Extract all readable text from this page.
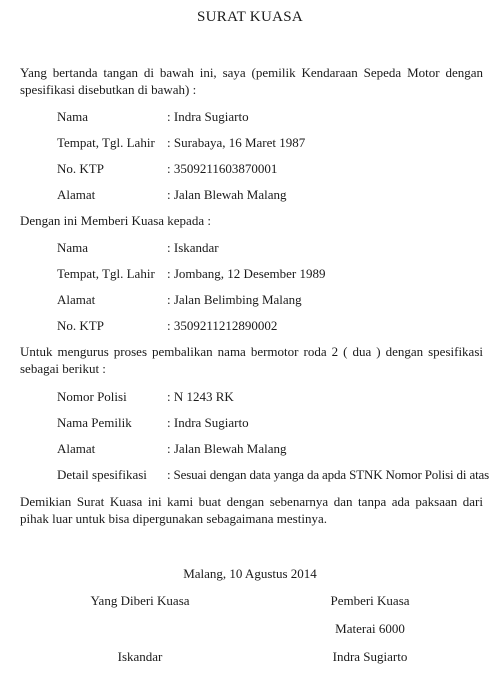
SURAT KUASA
Yang bertanda tangan di bawah ini, saya (pemilik Kendaraan Sepeda Motor dengan spesifikasi disebutkan di bawah) :
Nama	: Indra Sugiarto
Tempat, Tgl. Lahir : Surabaya, 16 Maret 1987
No. KTP	: 3509211603870001
Alamat	: Jalan Blewah Malang
Dengan ini Memberi Kuasa kepada :
Nama	: Iskandar
Tempat, Tgl. Lahir : Jombang, 12 Desember 1989
Alamat	: Jalan Belimbing Malang
No. KTP	: 3509211212890002
Untuk mengurus proses pembalikan nama bermotor roda 2 ( dua ) dengan spesifikasi sebagai berikut :
Nomor Polisi	: N 1243 RK
Nama Pemilik	: Indra Sugiarto
Alamat	: Jalan Blewah Malang
Detail spesifikasi : Sesuai dengan data yanga da apda STNK Nomor Polisi di atas
Demikian Surat Kuasa ini kami buat dengan sebenarnya dan tanpa ada paksaan dari pihak luar untuk bisa dipergunakan sebagaimana mestinya.
Malang, 10 Agustus 2014
Yang Diberi Kuasa	Pemberi Kuasa
Materai 6000
Iskandar	Indra Sugiarto
